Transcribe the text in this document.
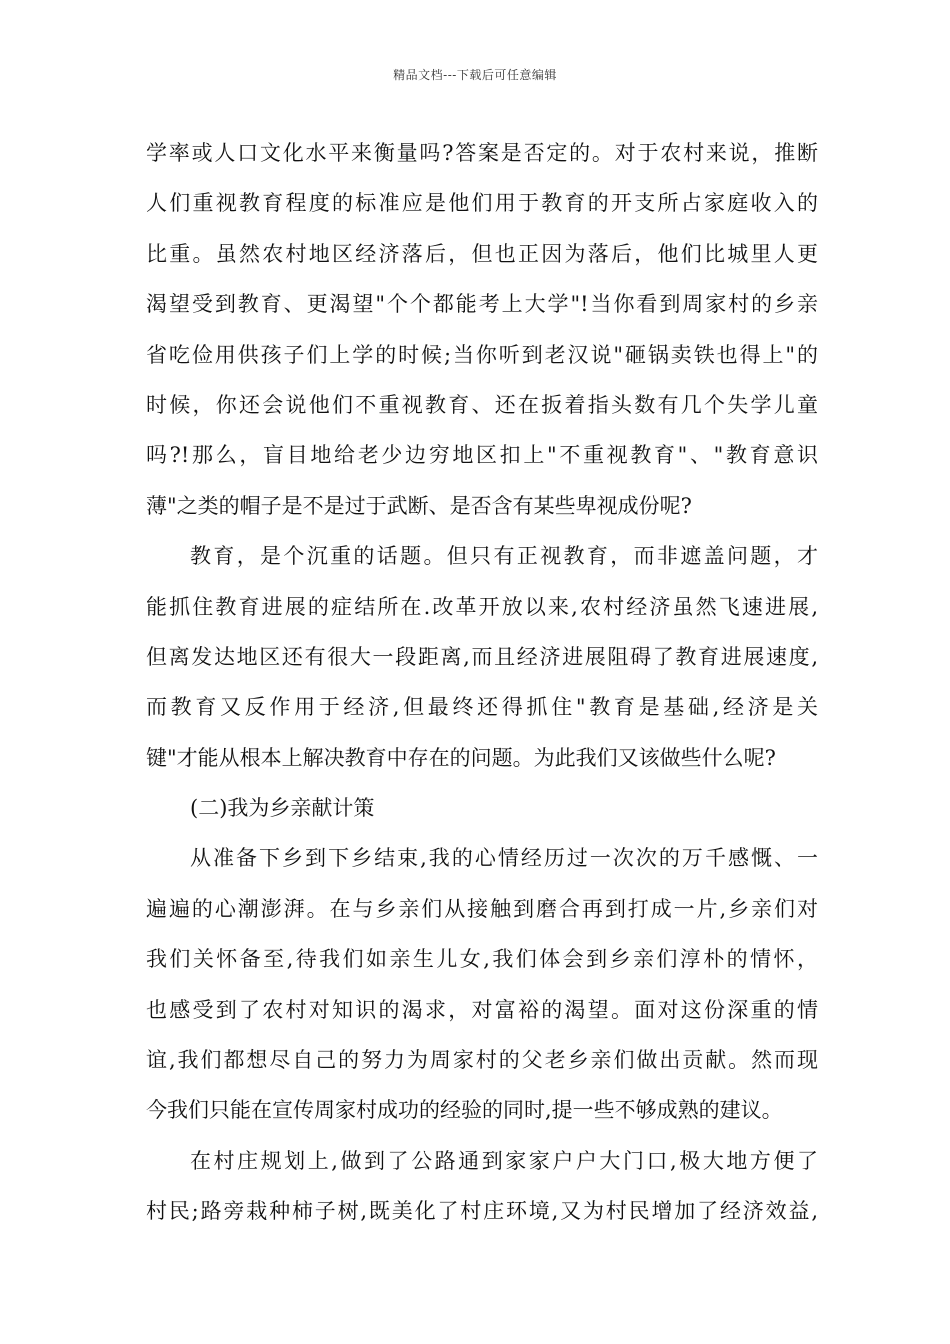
精品文档---下载后可任意编辑
学率或人口文化水平来衡量吗?答案是否定的。对于农村来说，推断
人们重视教育程度的标准应是他们用于教育的开支所占家庭收入的
比重。虽然农村地区经济落后，但也正因为落后，他们比城里人更
渴望受到教育、更渴望"个个都能考上大学"!当你看到周家村的乡亲
省吃俭用供孩子们上学的时候;当你听到老汉说"砸锅卖铁也得上"的
时候，你还会说他们不重视教育、还在扳着指头数有几个失学儿童
吗?!那么，盲目地给老少边穷地区扣上"不重视教育"、"教育意识
薄"之类的帽子是不是过于武断、是否含有某些卑视成份呢?
教育，是个沉重的话题。但只有正视教育，而非遮盖问题，才
能抓住教育进展的症结所在.改革开放以来,农村经济虽然飞速进展,
但离发达地区还有很大一段距离,而且经济进展阻碍了教育进展速度,
而教育又反作用于经济,但最终还得抓住"教育是基础,经济是关
键"才能从根本上解决教育中存在的问题。为此我们又该做些什么呢?
(二)我为乡亲献计策
从准备下乡到下乡结束,我的心情经历过一次次的万千感慨、一
遍遍的心潮澎湃。在与乡亲们从接触到磨合再到打成一片,乡亲们对
我们关怀备至,待我们如亲生儿女,我们体会到乡亲们淳朴的情怀，
也感受到了农村对知识的渴求，对富裕的渴望。面对这份深重的情
谊,我们都想尽自己的努力为周家村的父老乡亲们做出贡献。然而现
今我们只能在宣传周家村成功的经验的同时,提一些不够成熟的建议。
在村庄规划上,做到了公路通到家家户户大门口,极大地方便了
村民;路旁栽种柿子树,既美化了村庄环境,又为村民增加了经济效益,
